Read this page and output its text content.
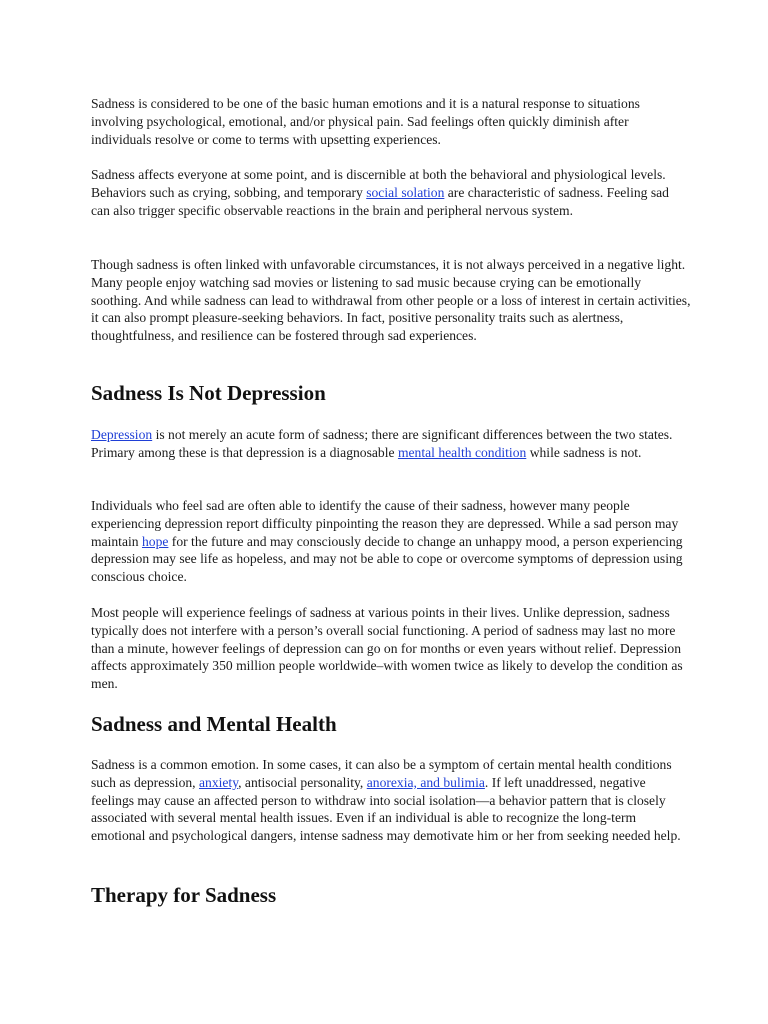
Sadness is considered to be one of the basic human emotions and it is a natural response to situations involving psychological, emotional, and/or physical pain. Sad feelings often quickly diminish after individuals resolve or come to terms with upsetting experiences.

Sadness affects everyone at some point, and is discernible at both the behavioral and physiological levels. Behaviors such as crying, sobbing, and temporary social solation are characteristic of sadness. Feeling sad can also trigger specific observable reactions in the brain and peripheral nervous system.

Though sadness is often linked with unfavorable circumstances, it is not always perceived in a negative light. Many people enjoy watching sad movies or listening to sad music because crying can be emotionally soothing. And while sadness can lead to withdrawal from other people or a loss of interest in certain activities, it can also prompt pleasure-seeking behaviors. In fact, positive personality traits such as alertness, thoughtfulness, and resilience can be fostered through sad experiences.

Sadness Is Not Depression

Depression is not merely an acute form of sadness; there are significant differences between the two states. Primary among these is that depression is a diagnosable mental health condition while sadness is not.

Individuals who feel sad are often able to identify the cause of their sadness, however many people experiencing depression report difficulty pinpointing the reason they are depressed. While a sad person may maintain hope for the future and may consciously decide to change an unhappy mood, a person experiencing depression may see life as hopeless, and may not be able to cope or overcome symptoms of depression using conscious choice.

Most people will experience feelings of sadness at various points in their lives. Unlike depression, sadness typically does not interfere with a person’s overall social functioning. A period of sadness may last no more than a minute, however feelings of depression can go on for months or even years without relief. Depression affects approximately 350 million people worldwide–with women twice as likely to develop the condition as men.

Sadness and Mental Health

Sadness is a common emotion. In some cases, it can also be a symptom of certain mental health conditions such as depression, anxiety, antisocial personality, anorexia, and bulimia. If left unaddressed, negative feelings may cause an affected person to withdraw into social isolation—a behavior pattern that is closely associated with several mental health issues. Even if an individual is able to recognize the long-term emotional and psychological dangers, intense sadness may demotivate him or her from seeking needed help.

Therapy for Sadness
